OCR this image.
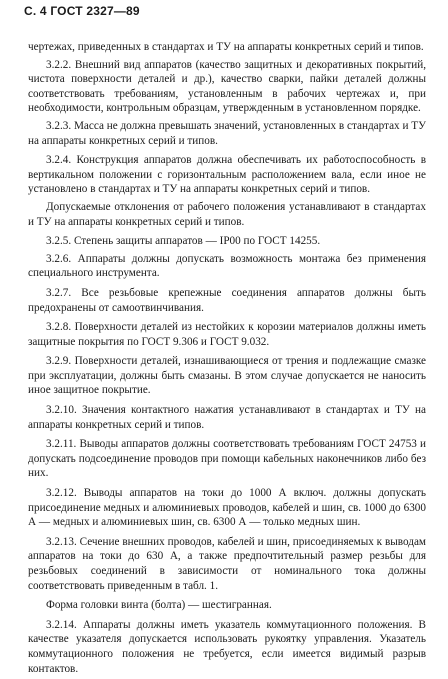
С. 4 ГОСТ 2327—89

чертежах, приведенных в стандартах и ТУ на аппараты конкретных серий и типов.

3.2.2. Внешний вид аппаратов (качество защитных и декоративных покрытий, чистота поверхности деталей и др.), качество сварки, пайки деталей должны соответствовать требованиям, установленным в рабочих чертежах и, при необходимости, контрольным образцам, утвержденным в установленном порядке.

3.2.3. Масса не должна превышать значений, установленных в стандартах и ТУ на аппараты конкретных серий и типов.

3.2.4. Конструкция аппаратов должна обеспечивать их работоспособность в вертикальном положении с горизонтальным расположением вала, если иное не установлено в стандартах и ТУ на аппараты конкретных серий и типов.

Допускаемые отклонения от рабочего положения устанавливают в стандартах и ТУ на аппараты конкретных серий и типов.

3.2.5. Степень защиты аппаратов — IP00 по ГОСТ 14255.

3.2.6. Аппараты должны допускать возможность монтажа без применения специального инструмента.

3.2.7. Все резьбовые крепежные соединения аппаратов должны быть предохранены от самоотвинчивания.

3.2.8. Поверхности деталей из нестойких к корозии материалов должны иметь защитные покрытия по ГОСТ 9.306 и ГОСТ 9.032.

3.2.9. Поверхности деталей, изнашивающиеся от трения и подлежащие смазке при эксплуатации, должны быть смазаны. В этом случае допускается не наносить иное защитное покрытие.

3.2.10. Значения контактного нажатия устанавливают в стандартах и ТУ на аппараты конкретных серий и типов.

3.2.11. Выводы аппаратов должны соответствовать требованиям ГОСТ 24753 и допускать подсоединение проводов при помощи кабельных наконечников либо без них.

3.2.12. Выводы аппаратов на токи до 1000 А включ. должны допускать присоединение медных и алюминиевых проводов, кабелей и шин, св. 1000 до 6300 А — медных и алюминиевых шин, св. 6300 А — только медных шин.

3.2.13. Сечение внешних проводов, кабелей и шин, присоединяемых к выводам аппаратов на токи до 630 А, а также предпочтительный размер резьбы для резьбовых соединений в зависимости от номинального тока должны соответствовать приведенным в табл. 1.

Форма головки винта (болта) — шестигранная.

3.2.14. Аппараты должны иметь указатель коммутационного положения. В качестве указателя допускается использовать рукоятку управления. Указатель коммутационного положения не требуется, если имеется видимый разрыв контактов.
